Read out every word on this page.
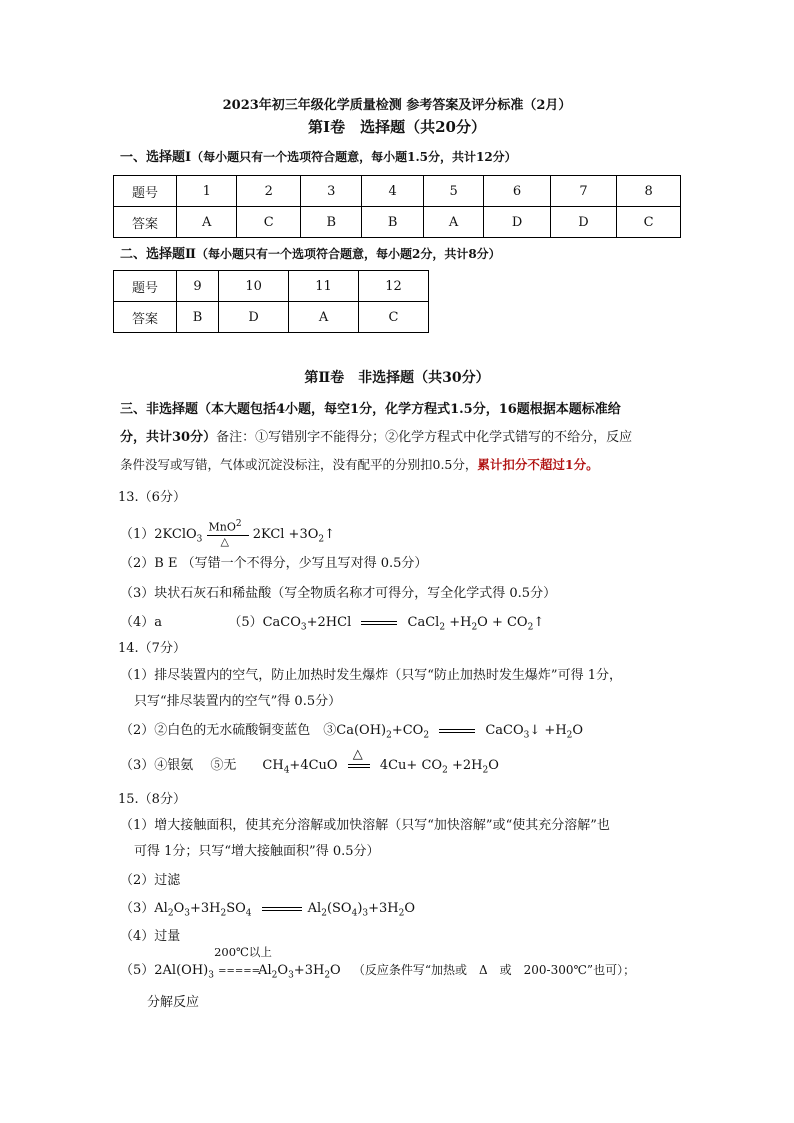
2023年初三年级化学质量检测 参考答案及评分标准（2月）
第Ⅰ卷　选择题（共20分）
一、选择题Ⅰ（每小题只有一个选项符合题意，每小题1.5分，共计12分）
题号	1	2	3	4	5	6	7	8
答案	A	C	B	B	A	D	D	C
二、选择题Ⅱ（每小题只有一个选项符合题意，每小题2分，共计8分）
题号	9	10	11	12
答案	B	D	A	C
第Ⅱ卷　非选择题（共30分）
三、非选择题（本大题包括4小题，每空1分，化学方程式1.5分，16题根据本题标准给
分，共计30分）备注：①写错别字不能得分；②化学方程式中化学式错写的不给分，反应
条件没写或写错，气体或沉淀没标注，没有配平的分别扣0.5分，累计扣分不超过1分。
13.（6分）
（1）2KClO$_3$
MnO$^2$
△ $2KCl +3O_2↑$
（2）B E （写错一个不得分，少写且写对得 0.5分）
（3）块状石灰石和稀盐酸（写全物质名称才可得分，写全化学式得 0.5分）
（4）a	（5）CaCO$_3$+2HCl	CaCl$_2$ $+H_2O$ + $CO_2↑$
14.（7分）
（1）排尽装置内的空气，防止加热时发生爆炸（只写“防止加热时发生爆炸”可得 1分，
只写“排尽装置内的空气”得 0.5分）
（2）②白色的无水硫酸铜变蓝色　$③Ca(OH)_2+CO_2$	CaCO$_3$↓ $+H_2O$
（3）④银氨　 ⑤无　　$CH_4+4CuO$
△
$4Cu+ CO_2 +2H_2O$
15.（8分）
（1）增大接触面积，使其充分溶解或加快溶解（只写“加快溶解”或“使其充分溶解”也
可得 1分；只写“增大接触面积”得 0.5分）
（2）过滤
$(3)Al_2O_3+3H_2SO_4$	$Al_2(SO_4)_3+3H_2O$
（4）过量
$(5)2Al(OH)_3$
200℃以上
$=====Al_2O_3+3H_2O$ （反应条件写“加热或　Δ　或　200-300℃”也可）；
分解反应
